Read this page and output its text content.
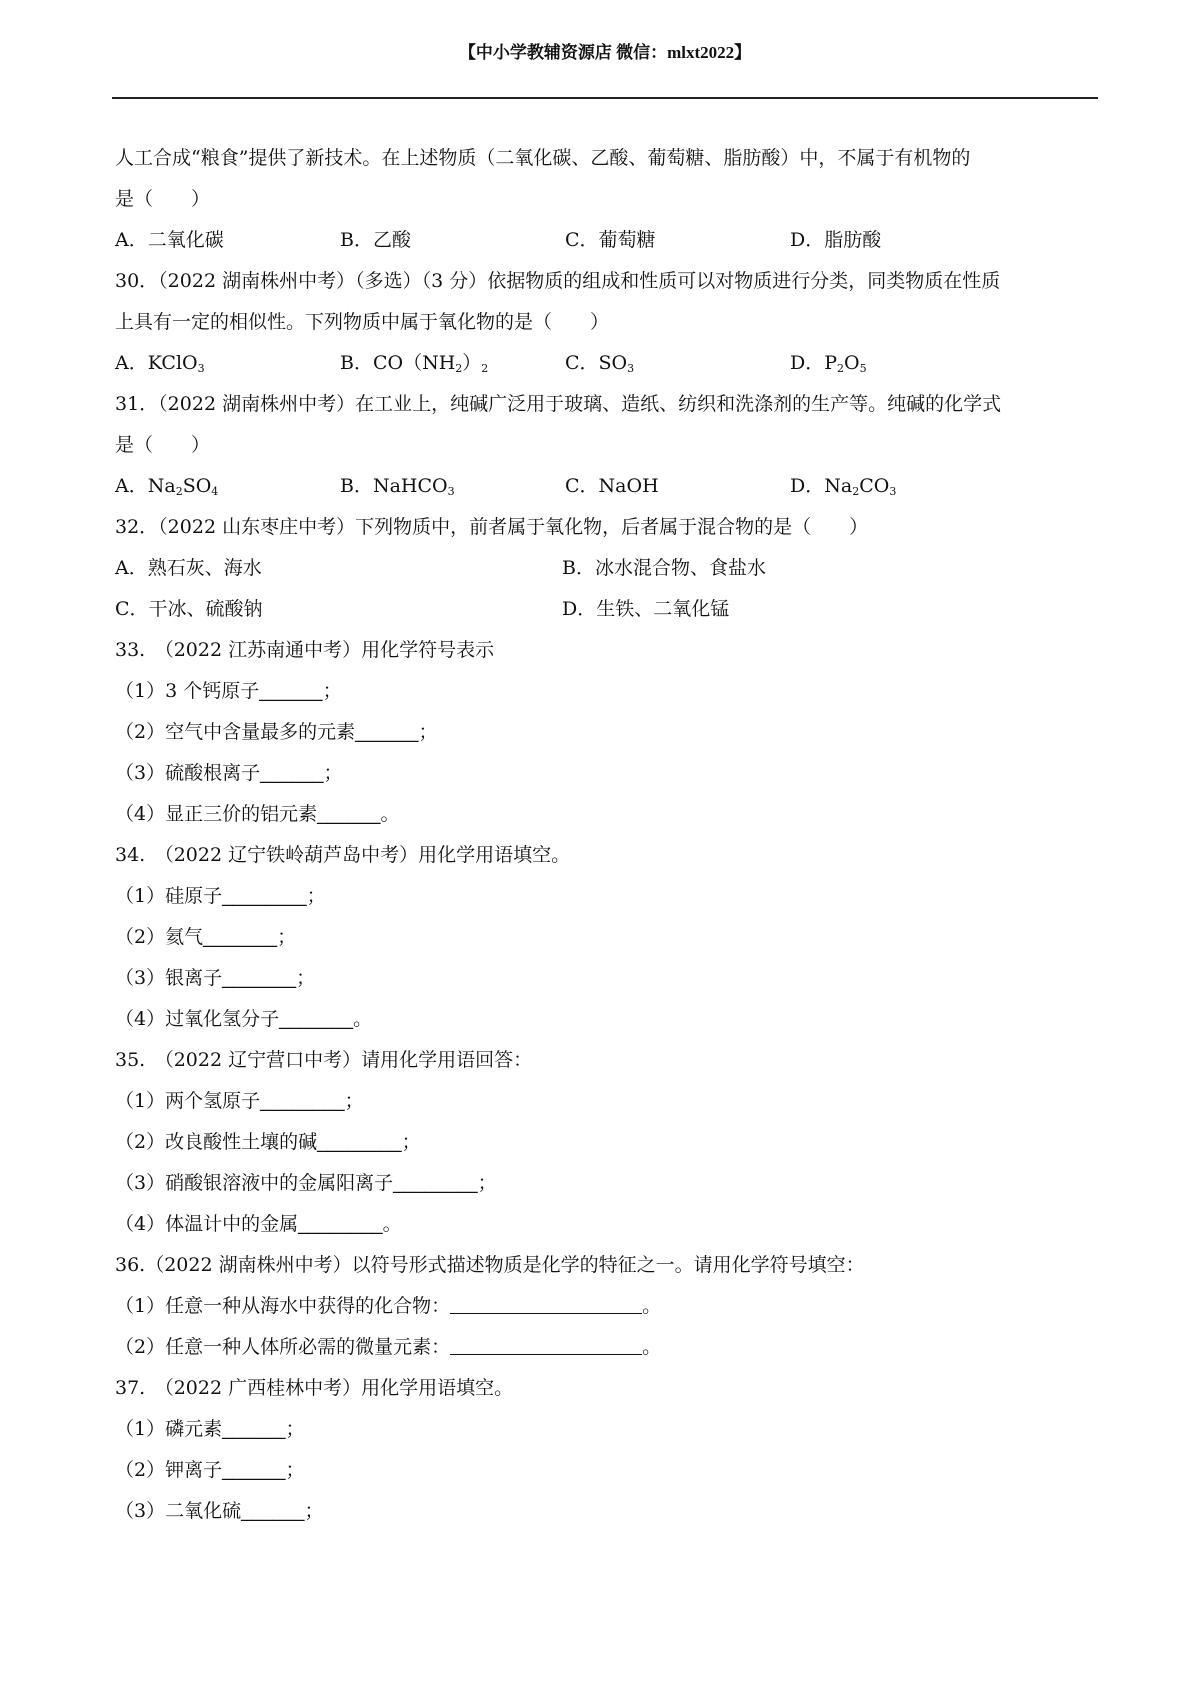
【中小学教辅资源店 微信：mlxt2022】
人工合成“粮食”提供了新技术。在上述物质（二氧化碳、乙酸、葡萄糖、脂肪酸）中，不属于有机物的
是（　　）
A．二氧化碳	B．乙酸	C．葡萄糖	D．脂肪酸
30．（2022 湖南株州中考）（多选）（3 分）依据物质的组成和性质可以对物质进行分类，同类物质在性质
上具有一定的相似性。下列物质中属于氧化物的是（　　）
A．KClO$_3$	B．$CO(NH_2)_2$	C．$SO_3$	D．$P_2O_5$
31．（2022 湖南株州中考）在工业上，纯碱广泛用于玻璃、造纸、纺织和洗涤剂的生产等。纯碱的化学式
是（　　）
A．$Na_2SO_4$	B．NaHCO$_3$	C．NaOH	D．$Na_2CO_3$
32．（2022 山东枣庄中考）下列物质中，前者属于氧化物，后者属于混合物的是（　　）
A．熟石灰、海水	B．冰水混合物、食盐水
C．干冰、硫酸钠	D．生铁、二氧化锰
33.　（2022 江苏南通中考）用化学符号表示
（1）3 个钙原子______；
（2）空气中含量最多的元素______；
（3）硫酸根离子______；
（4）显正三价的铝元素______。
34.　（2022 辽宁铁岭葫芦岛中考）用化学用语填空。
（1）硅原子________；
（2）氦气_______；
（3）银离子_______；
（4）过氧化氢分子_______。
35.　（2022 辽宁营口中考）请用化学用语回答：
（1）两个氢原子________；
（2）改良酸性土壤的碱________；
（3）硝酸银溶液中的金属阳离子________；
（4）体温计中的金属________。
36.（2022 湖南株州中考）以符号形式描述物质是化学的特征之一。请用化学符号填空：
（1）任意一种从海水中获得的化合物：	。
（2）任意一种人体所必需的微量元素：	。
37.　（2022 广西桂林中考）用化学用语填空。
（1）磷元素______；
（2）钾离子______；
（3）二氧化硫______；
